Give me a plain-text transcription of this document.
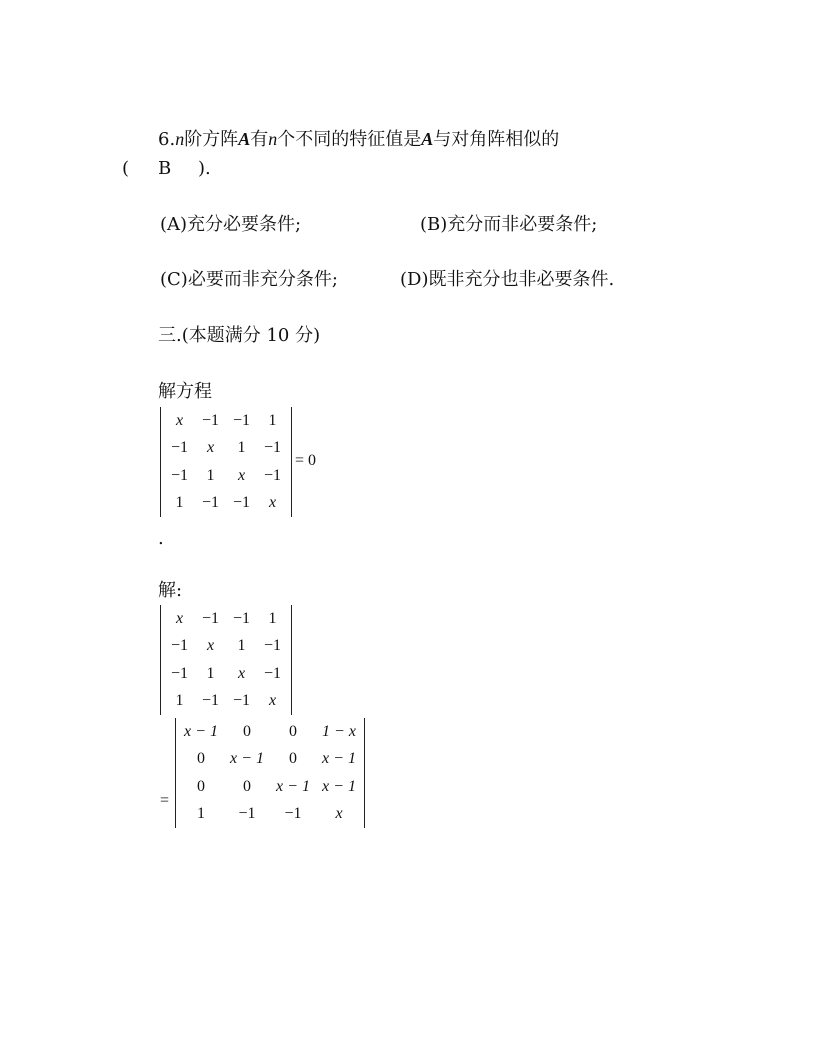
6.n阶方阵A有n个不同的特征值是A与对角阵相似的
( B ).
(A)充分必要条件;	(B)充分而非必要条件;
(C)必要而非充分条件;	(D)既非充分也非必要条件.
三.(本题满分 10 分)
解方程
x	−1	−1	1
−1	x	1	−1
−1	1	x	−1
1	−1	−1	x
= 0
.
解:
x	−1	−1	1
−1	x	1	−1
−1	1	x	−1
1	−1	−1	x
=
x − 1	0	0	1 − x
0	x − 1	0	x − 1
0	0	x − 1	x − 1
1	−1	−1	x
